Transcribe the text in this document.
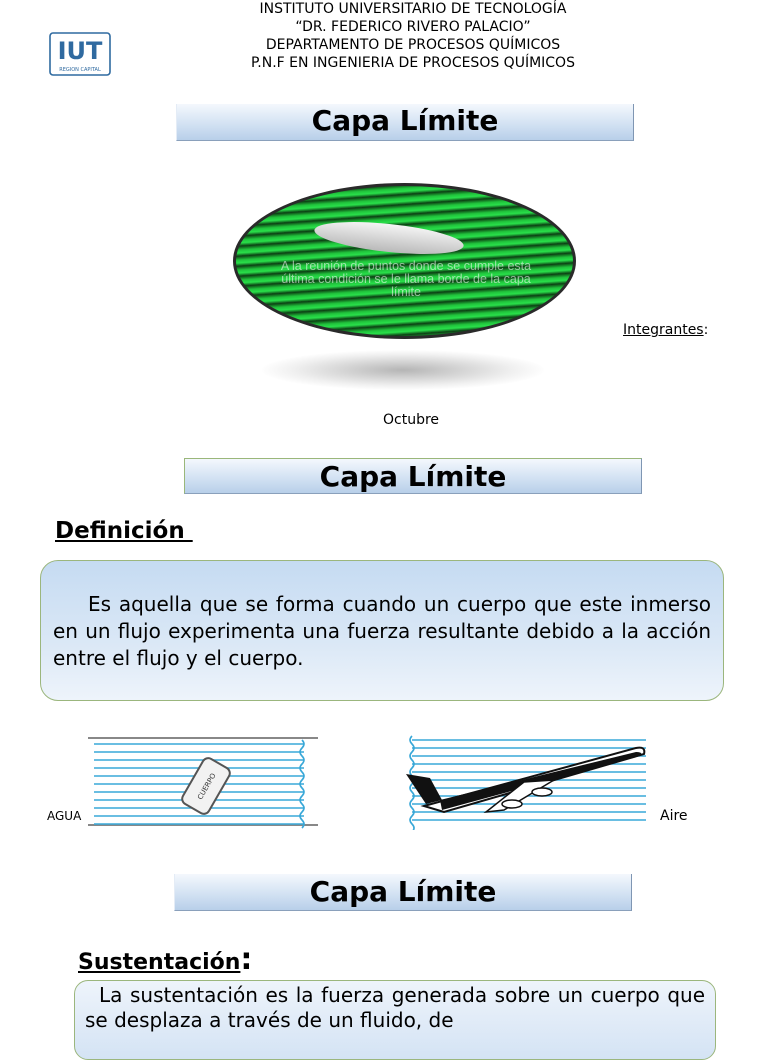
INSTITUTO UNIVERSITARIO DE TECNOLOGÍA
“DR. FEDERICO RIVERO PALACIO”
DEPARTAMENTO DE PROCESOS QUÍMICOS
P.N.F EN INGENIERIA DE PROCESOS QUÍMICOS
IUT
REGION CAPITAL
Capa Límite
A la reunión de puntos donde se cumple esta última condición se le llama borde de la capa límite
Integrantes:
Octubre
Capa Límite
Definición
Es aquella que se forma cuando un cuerpo que este inmerso en un flujo experimenta una fuerza resultante debido a la acción entre el flujo y el cuerpo.
AGUA
CUERPO
Aire
Capa Límite
Sustentación:
La sustentación es la fuerza generada sobre un cuerpo que se desplaza a través de un fluido, de
